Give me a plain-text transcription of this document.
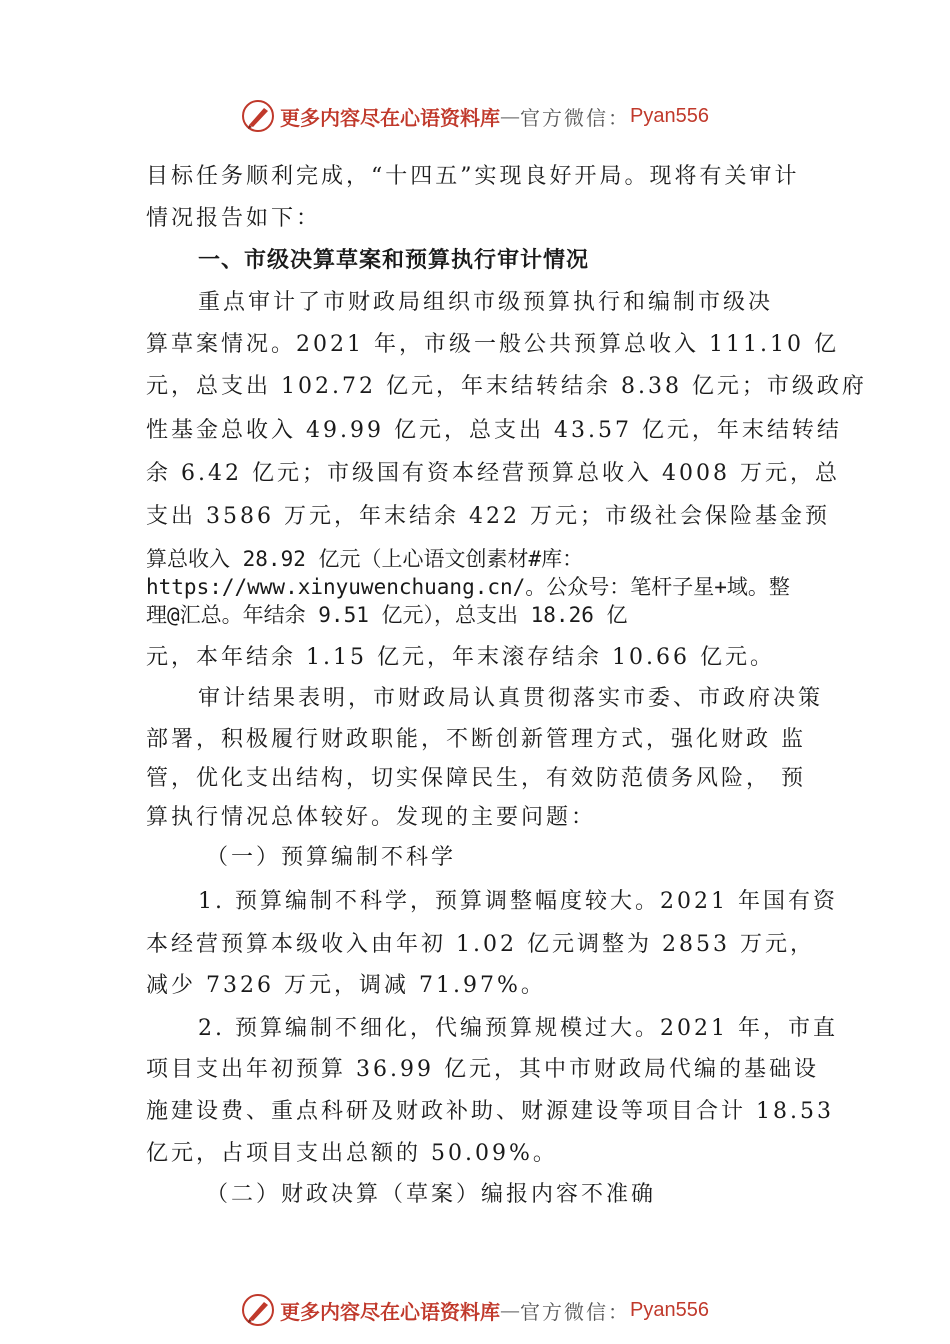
更多内容尽在心语资料库 — 官方微信： Pyan556
目标任务顺利完成，“十四五”实现良好开局。现将有关审计
情况报告如下：
一、市级决算草案和预算执行审计情况
重点审计了市财政局组织市级预算执行和编制市级决
算草案情况。2021 年，市级一般公共预算总收入 111.10 亿
元，总支出 102.72 亿元，年末结转结余 8.38 亿元；市级政府
性基金总收入 49.99 亿元，总支出 43.57 亿元，年末结转结
余 6.42 亿元；市级国有资本经营预算总收入 4008 万元，总
支出 3586 万元，年末结余 422 万元；市级社会保险基金预
算总收入 28.92 亿元（上心语文创素材#库：
https://www.xinyuwenchuang.cn/。公众号：笔杆子星+域。整
理@汇总。年结余 9.51 亿元），总支出 18.26 亿
元，本年结余 1.15 亿元，年末滚存结余 10.66 亿元。
审计结果表明，市财政局认真贯彻落实市委、市政府决策
部署，积极履行财政职能，不断创新管理方式，强化财政 监
管，优化支出结构，切实保障民生，有效防范债务风险， 预
算执行情况总体较好。发现的主要问题：
（一）预算编制不科学
1. 预算编制不科学，预算调整幅度较大。2021 年国有资
本经营预算本级收入由年初 1.02 亿元调整为 2853 万元，
减少 7326 万元，调减 71.97%。
2. 预算编制不细化，代编预算规模过大。2021 年，市直
项目支出年初预算 36.99 亿元，其中市财政局代编的基础设
施建设费、重点科研及财政补助、财源建设等项目合计 18.53
亿元，占项目支出总额的 50.09%。
（二）财政决算（草案）编报内容不准确
更多内容尽在心语资料库 — 官方微信： Pyan556
